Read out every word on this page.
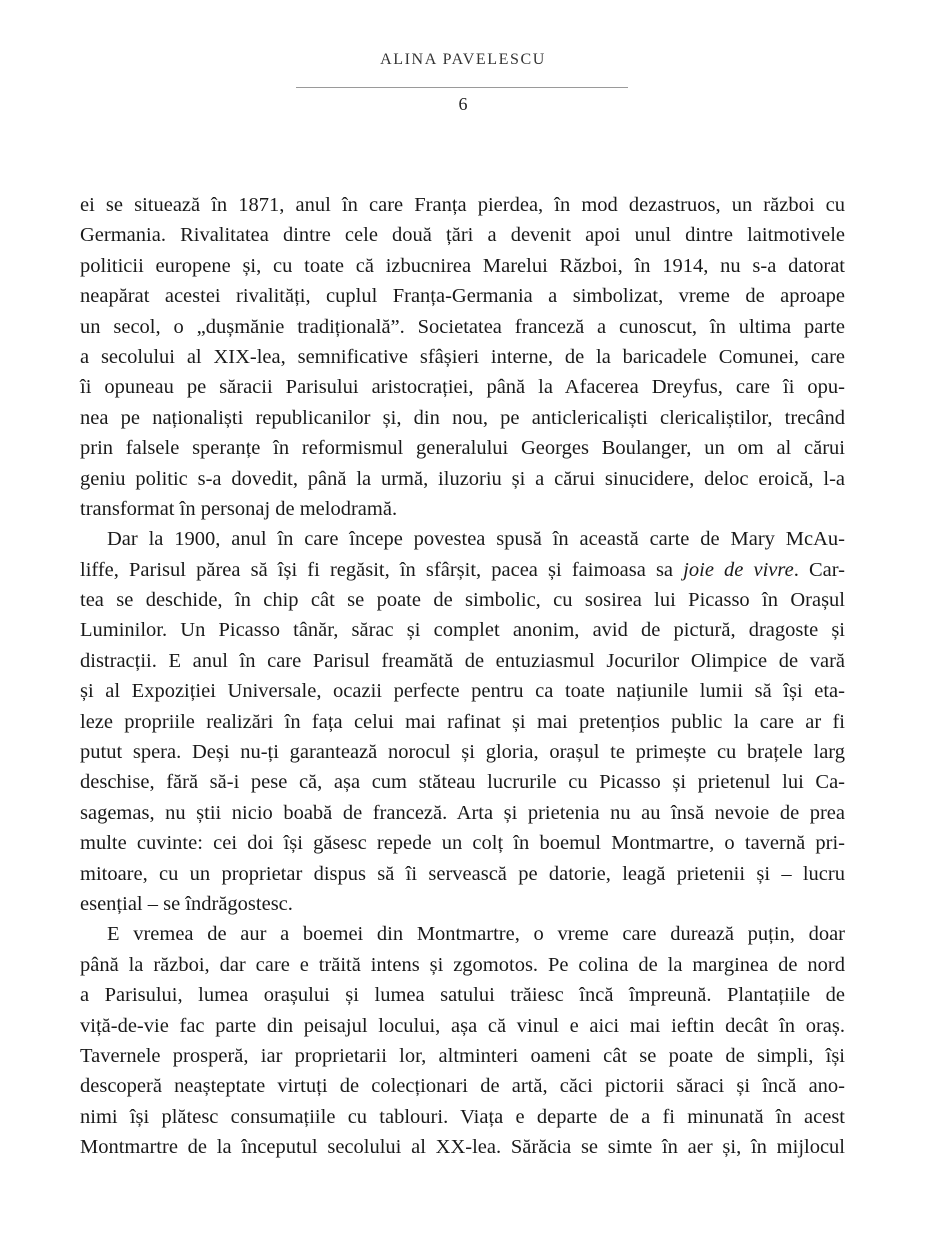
ALINA PAVELESCU
6
ei se situează în 1871, anul în care Franța pierdea, în mod dezastruos, un război cu
Germania. Rivalitatea dintre cele două țări a devenit apoi unul dintre laitmotivele
politicii europene și, cu toate că izbucnirea Marelui Război, în 1914, nu s-a datorat
neapărat acestei rivalități, cuplul Franța-Germania a simbolizat, vreme de aproape
un secol, o „dușmănie tradițională”. Societatea franceză a cunoscut, în ultima parte
a secolului al XIX-lea, semnificative sfâșieri interne, de la baricadele Comunei, care
îi opuneau pe săracii Parisului aristocrației, până la Afacerea Dreyfus, care îi opu-
nea pe naționaliști republicanilor și, din nou, pe anticlericaliști clericaliștilor, trecând
prin falsele speranțe în reformismul generalului Georges Boulanger, un om al cărui
geniu politic s-a dovedit, până la urmă, iluzoriu și a cărui sinucidere, deloc eroică, l-a
transformat în personaj de melodramă.
Dar la 1900, anul în care începe povestea spusă în această carte de Mary McAu-
liffe, Parisul părea să își fi regăsit, în sfârșit, pacea și faimoasa sa joie de vivre. Car-
tea se deschide, în chip cât se poate de simbolic, cu sosirea lui Picasso în Orașul
Luminilor. Un Picasso tânăr, sărac și complet anonim, avid de pictură, dragoste și
distracții. E anul în care Parisul freamătă de entuziasmul Jocurilor Olimpice de vară
și al Expoziției Universale, ocazii perfecte pentru ca toate națiunile lumii să își eta-
leze propriile realizări în fața celui mai rafinat și mai pretențios public la care ar fi
putut spera. Deși nu-ți garantează norocul și gloria, orașul te primește cu brațele larg
deschise, fără să-i pese că, așa cum stăteau lucrurile cu Picasso și prietenul lui Ca-
sagemas, nu știi nicio boabă de franceză. Arta și prietenia nu au însă nevoie de prea
multe cuvinte: cei doi își găsesc repede un colț în boemul Montmartre, o tavernă pri-
mitoare, cu un proprietar dispus să îi servească pe datorie, leagă prietenii și – lucru
esențial – se îndrăgostesc.
E vremea de aur a boemei din Montmartre, o vreme care durează puțin, doar
până la război, dar care e trăită intens și zgomotos. Pe colina de la marginea de nord
a Parisului, lumea orașului și lumea satului trăiesc încă împreună. Plantațiile de
viță-de-vie fac parte din peisajul locului, așa că vinul e aici mai ieftin decât în oraș.
Tavernele prosperă, iar proprietarii lor, altminteri oameni cât se poate de simpli, își
descoperă neașteptate virtuți de colecționari de artă, căci pictorii săraci și încă ano-
nimi își plătesc consumațiile cu tablouri. Viața e departe de a fi minunată în acest
Montmartre de la începutul secolului al XX-lea. Sărăcia se simte în aer și, în mijlocul
